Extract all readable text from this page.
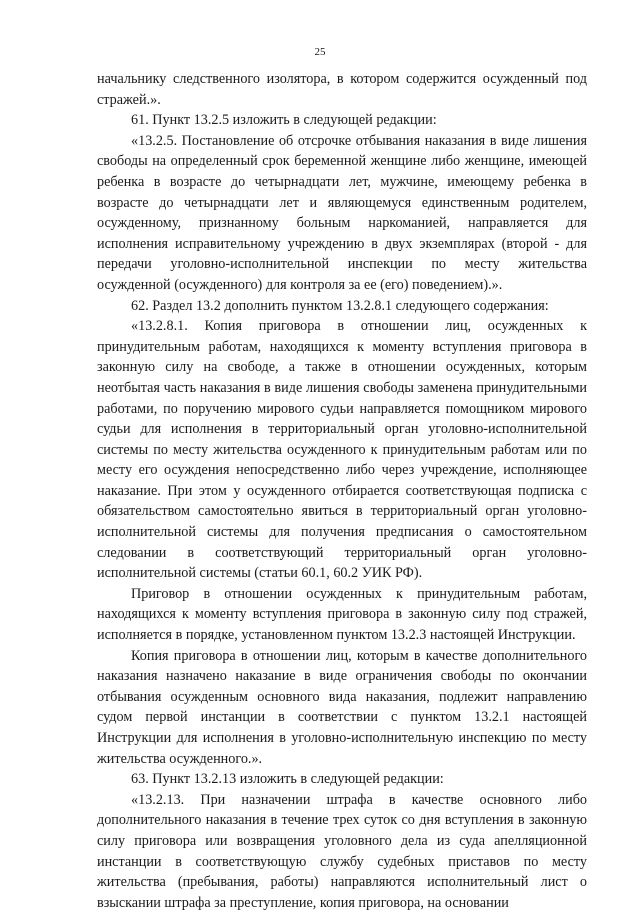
25

начальнику следственного изолятора, в котором содержится осужденный под стражей.».

61. Пункт 13.2.5 изложить в следующей редакции:

«13.2.5. Постановление об отсрочке отбывания наказания в виде лишения свободы на определенный срок беременной женщине либо женщине, имеющей ребенка в возрасте до четырнадцати лет, мужчине, имеющему ребенка в возрасте до четырнадцати лет и являющемуся единственным родителем, осужденному, признанному больным наркоманией, направляется для исполнения исправительному учреждению в двух экземплярах (второй - для передачи уголовно-исполнительной инспекции по месту жительства осужденной (осужденного) для контроля за ее (его) поведением).».

62. Раздел 13.2 дополнить пунктом 13.2.8.1 следующего содержания:

«13.2.8.1. Копия приговора в отношении лиц, осужденных к принудительным работам, находящихся к моменту вступления приговора в законную силу на свободе, а также в отношении осужденных, которым неотбытая часть наказания в виде лишения свободы заменена принудительными работами, по поручению мирового судьи направляется помощником мирового судьи для исполнения в территориальный орган уголовно-исполнительной системы по месту жительства осужденного к принудительным работам или по месту его осуждения непосредственно либо через учреждение, исполняющее наказание. При этом у осужденного отбирается соответствующая подписка с обязательством самостоятельно явиться в территориальный орган уголовно-исполнительной системы для получения предписания о самостоятельном следовании в соответствующий территориальный орган уголовно-исполнительной системы (статьи 60.1, 60.2 УИК РФ).

Приговор в отношении осужденных к принудительным работам, находящихся к моменту вступления приговора в законную силу под стражей, исполняется в порядке, установленном пунктом 13.2.3 настоящей Инструкции.

Копия приговора в отношении лиц, которым в качестве дополнительного наказания назначено наказание в виде ограничения свободы по окончании отбывания осужденным основного вида наказания, подлежит направлению судом первой инстанции в соответствии с пунктом 13.2.1 настоящей Инструкции для исполнения в уголовно-исполнительную инспекцию по месту жительства осужденного.».

63. Пункт 13.2.13 изложить в следующей редакции:

«13.2.13. При назначении штрафа в качестве основного либо дополнительного наказания в течение трех суток со дня вступления в законную силу приговора или возвращения уголовного дела из суда апелляционной инстанции в соответствующую службу судебных приставов по месту жительства (пребывания, работы) направляются исполнительный лист о взыскании штрафа за преступление, копия приговора, на основании
